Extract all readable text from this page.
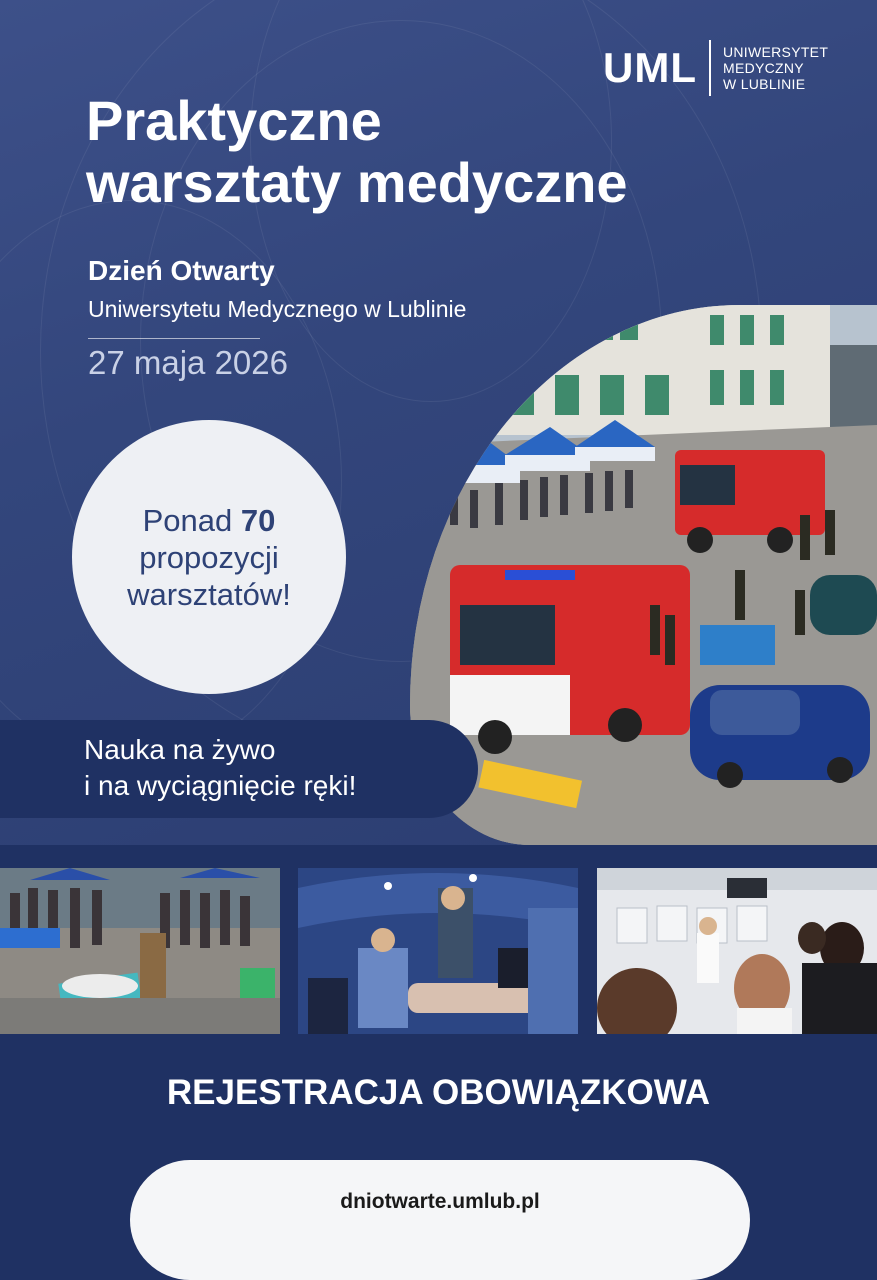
UML UNIWERSYTET
MEDYCZNY
W LUBLINIE
Praktyczne
warsztaty medyczne

Dzień Otwarty

Uniwersytetu Medycznego w Lublinie

27 maja 2026

Ponad 70
propozycji
warsztatów!

Nauka na żywo

i na wyciągnięcie ręki!

REJESTRACJA OBOWIĄZKOWA

dniotwarte.umlub.pl
